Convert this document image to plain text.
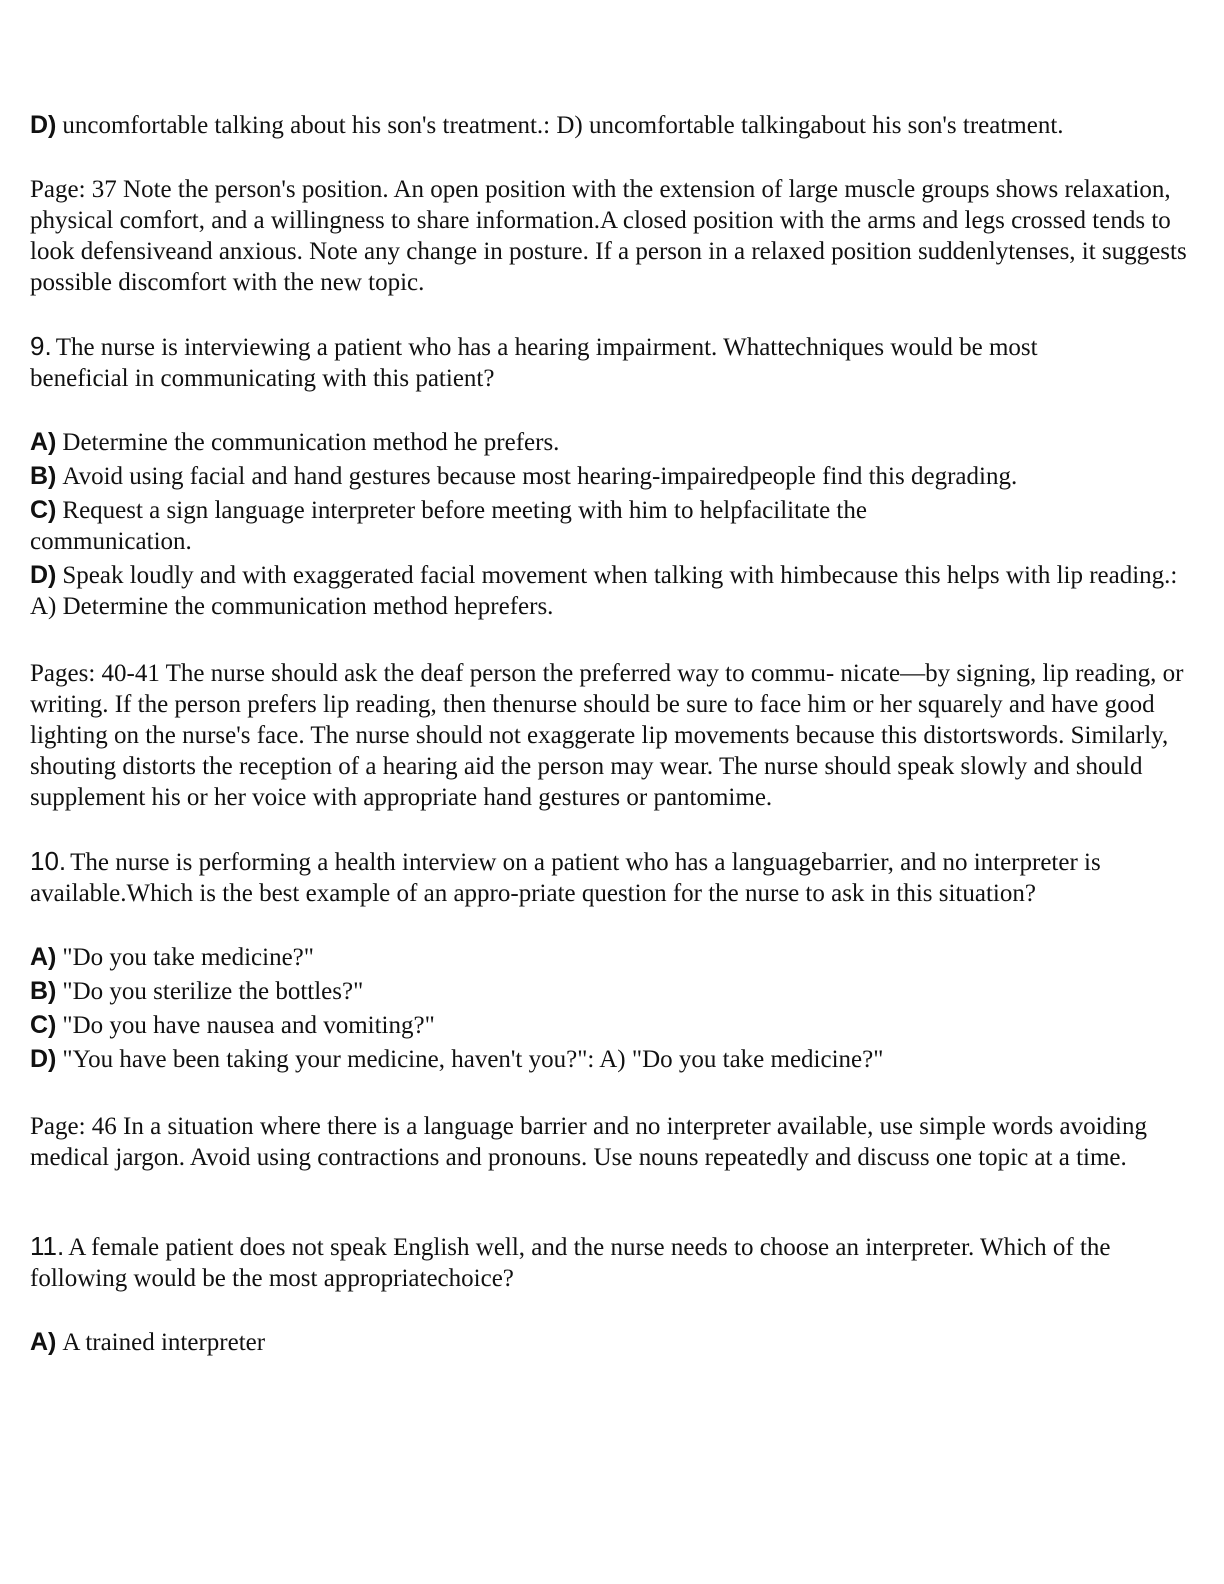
D) uncomfortable talking about his son's treatment.: D) uncomfortable talkingabout his son's treatment.

Page: 37 Note the person's position. An open position with the extension of large muscle groups shows relaxation, physical comfort, and a willingness to share information.A closed position with the arms and legs crossed tends to look defensiveand anxious. Note any change in posture. If a person in a relaxed position suddenlytenses, it suggests possible discomfort with the new topic.

9. The nurse is interviewing a patient who has a hearing impairment. Whattechniques would be most beneficial in communicating with this patient?

A) Determine the communication method he prefers.

B) Avoid using facial and hand gestures because most hearing-impairedpeople find this degrading.

C) Request a sign language interpreter before meeting with him to helpfacilitate the communication.

D) Speak loudly and with exaggerated facial movement when talking with himbecause this helps with lip reading.: A) Determine the communication method heprefers.

Pages: 40-41 The nurse should ask the deaf person the preferred way to commu- nicate—by signing, lip reading, or writing. If the person prefers lip reading, then thenurse should be sure to face him or her squarely and have good lighting on the nurse's face. The nurse should not exaggerate lip movements because this distortswords. Similarly, shouting distorts the reception of a hearing aid the person may wear. The nurse should speak slowly and should supplement his or her voice with appropriate hand gestures or pantomime.

10. The nurse is performing a health interview on a patient who has a languagebarrier, and no interpreter is available.Which is the best example of an appro-priate question for the nurse to ask in this situation?

A) "Do you take medicine?"

B) "Do you sterilize the bottles?"

C) "Do you have nausea and vomiting?"

D) "You have been taking your medicine, haven't you?": A) "Do you take medicine?"

Page: 46 In a situation where there is a language barrier and no interpreter available, use simple words avoiding medical jargon. Avoid using contractions and pronouns. Use nouns repeatedly and discuss one topic at a time.

11. A female patient does not speak English well, and the nurse needs to choose an interpreter. Which of the following would be the most appropriatechoice?

A) A trained interpreter
